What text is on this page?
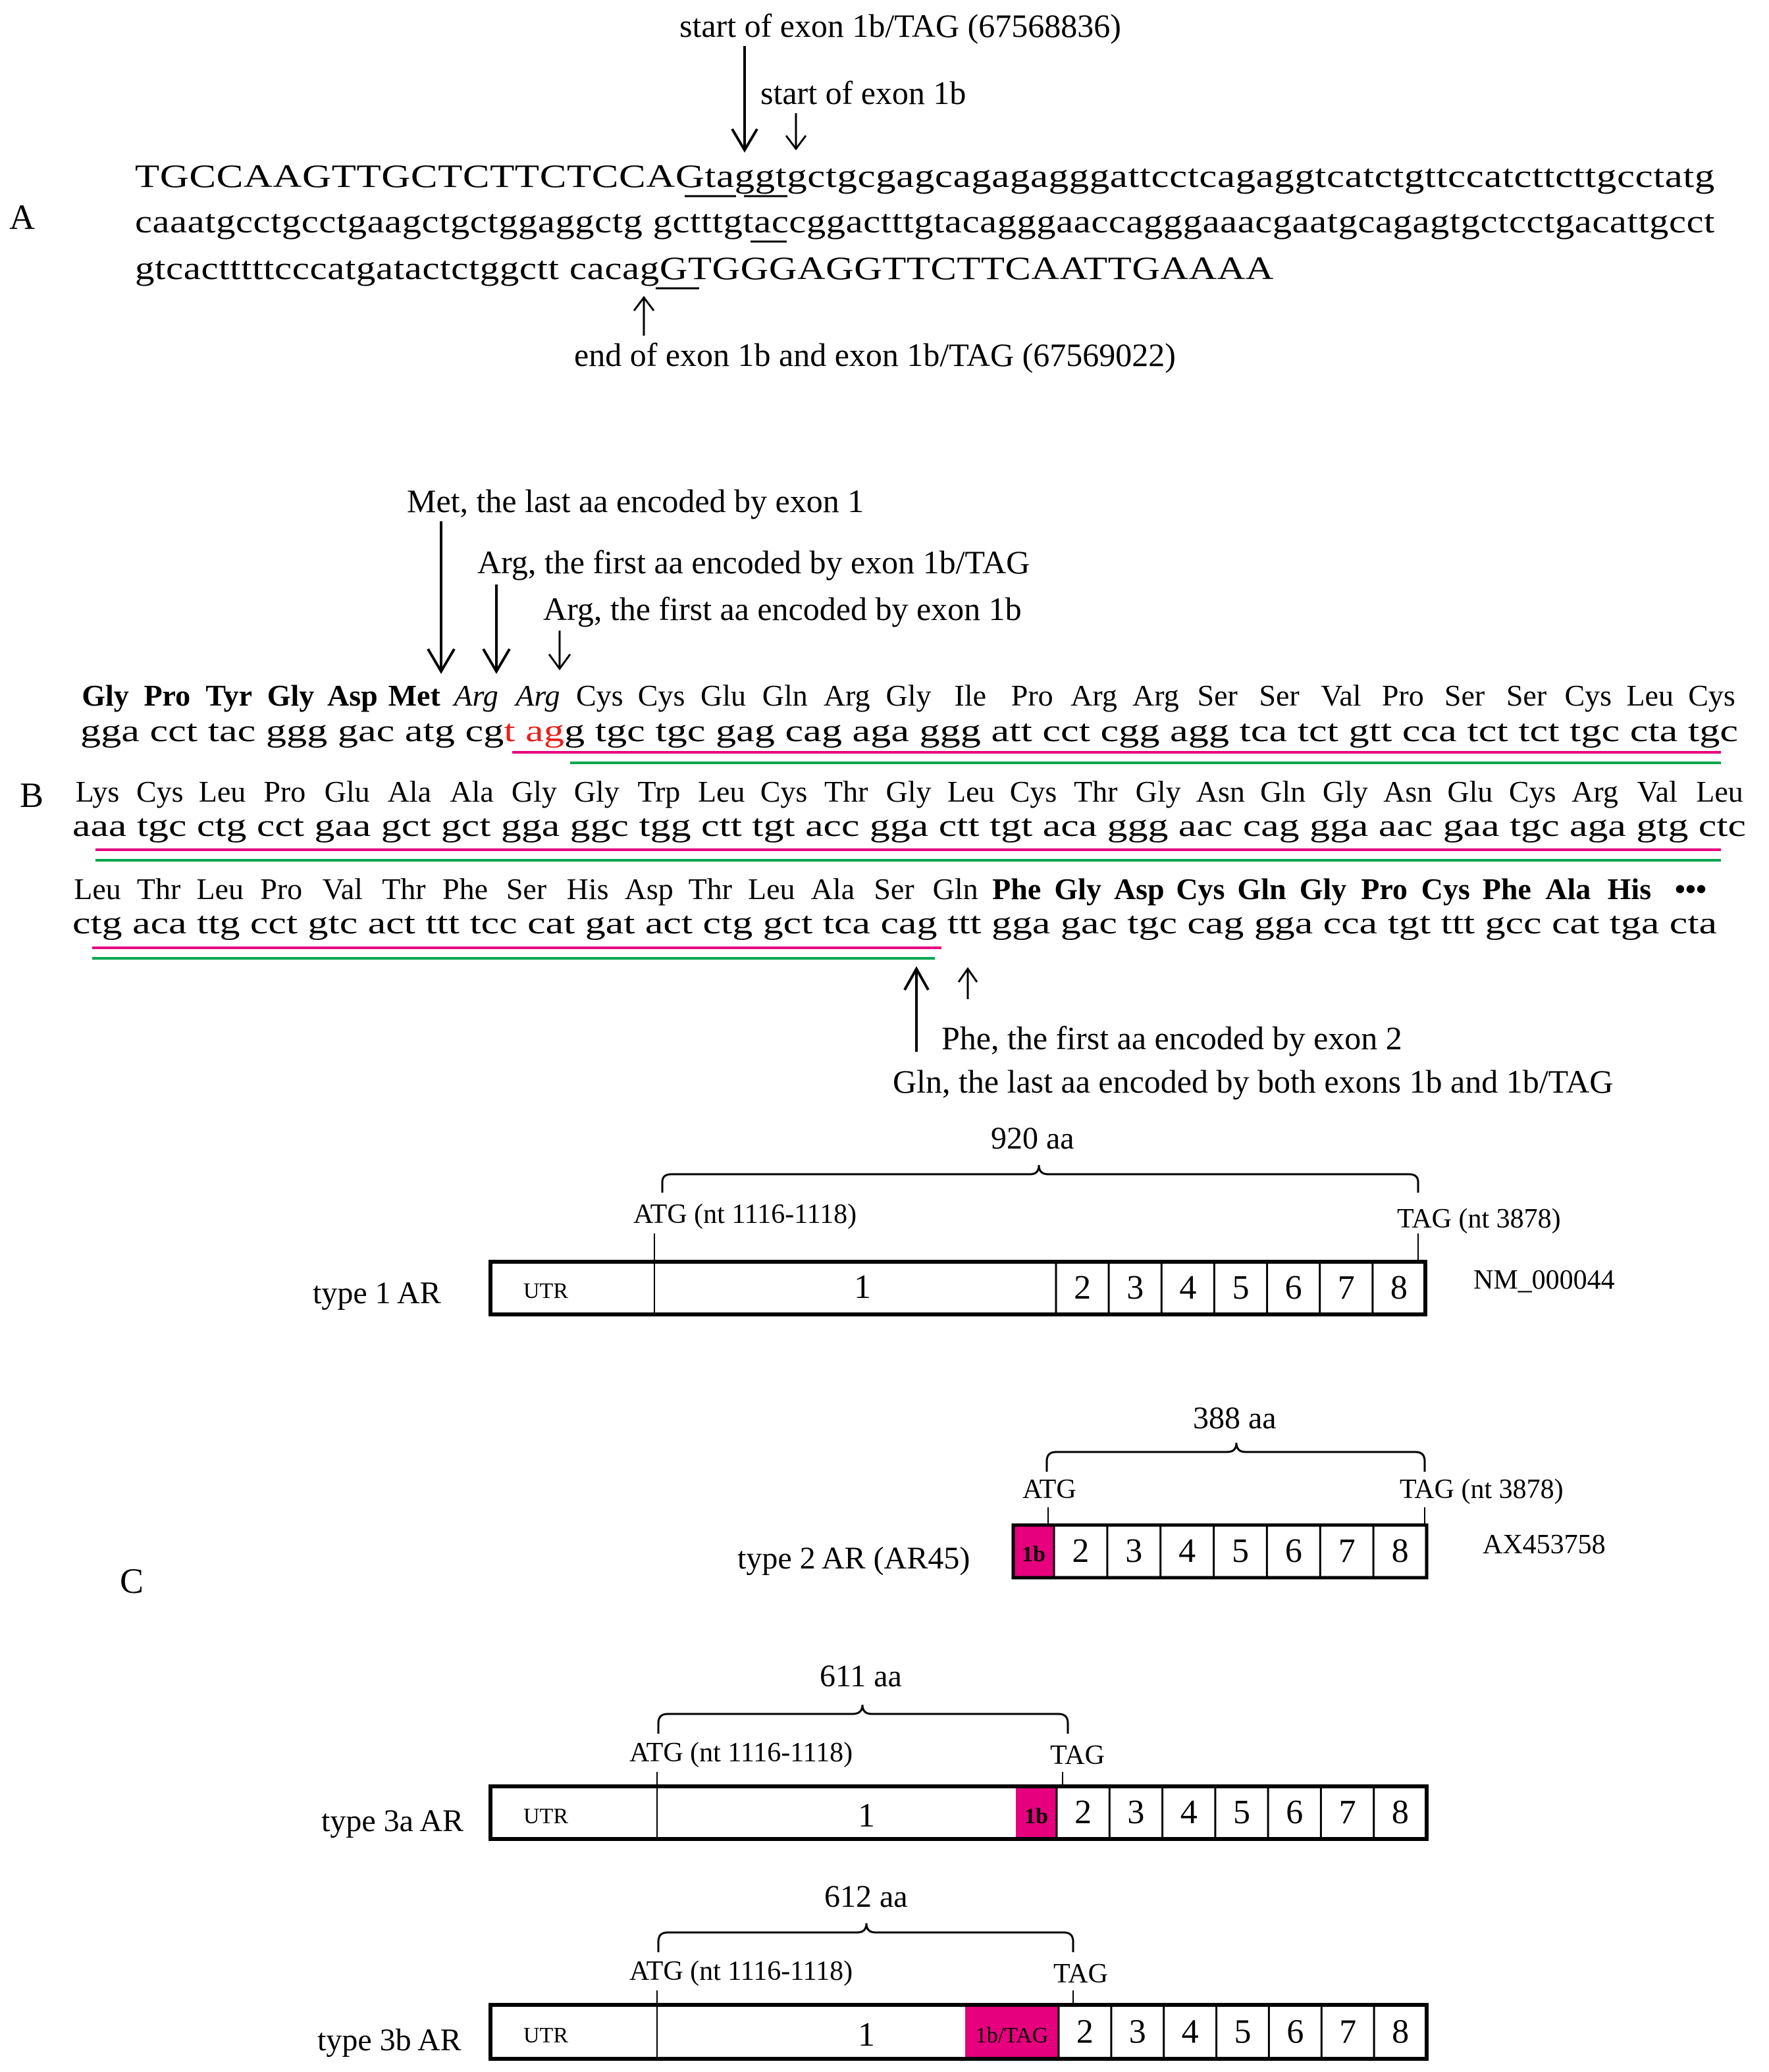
A
start of exon 1b/TAG (67568836)
start of exon 1b
TGCCAAGTTGCTCTTCTCCAG	taggtgctgcgagcagagagggattcctcagaggtcatctgttccatcttcttgcctatg
caaatgcctgcctgaagctgctggaggctg gctttgtaccggactttgtacagggaaccagggaaacgaatgcagagtgctcctgacattgcct
gtcactttttcccatgatactctggctt cacag GTGGGAGGTTCTTCAATTGAAAA
end of exon 1b and exon 1b/TAG (67569022)
B
Met, the last aa encoded by exon 1
Arg, the first aa encoded by exon 1b/TAG
Arg, the first aa encoded by exon 1b
Gly Pro Tyr Gly Asp Met Arg Arg Cys Cys Glu Gln Arg Gly Ile Pro Arg Arg Ser Ser Val Pro Ser Ser Cys Leu Cys
gga cct tac ggg gac atg cg t ag g tgc tgc gag cag aga ggg att cct cgg agg tca tct gtt cca tct tct tgc cta tgc
Lys Cys Leu Pro Glu Ala Ala Gly Gly Trp Leu Cys Thr Gly Leu Cys Thr Gly Asn Gln Gly Asn Glu Cys Arg Val Leu
aaa tgc ctg cct gaa gct gct gga ggc tgg ctt tgt acc gga ctt tgt aca ggg aac cag gga aac gaa tgc aga gtg ctc
Leu Thr Leu Pro Val Thr Phe Ser His Asp Thr Leu Ala Ser Gln Phe Gly Asp Cys Gln Gly Pro Cys Phe Ala His •••
ctg aca ttg cct gtc act ttt tcc cat gat act ctg gct tca cag ttt gga gac tgc cag gga cca tgt ttt gcc cat tga cta
Phe, the first aa encoded by exon 2
Gln, the last aa encoded by both exons 1b and 1b/TAG
C
920 aa
ATG (nt 1116-1118)	TAG (nt 3878)
type 1 AR	UTR	1	2 3 4 5 6 7 8 NM_000044
388 aa
ATG	TAG (nt 3878)
type 2 AR (AR45) 1b 2 3 4 5 6 7 8	AX453758
611 aa
ATG (nt 1116-1118)	TAG
type 3a AR	1b
UTR	1	2 3 4 5 6 7 8
612 aa
ATG (nt 1116-1118)	TAG
type 3b AR	1b/TAG
UTR	1	2 3 4 5 6 7 8
